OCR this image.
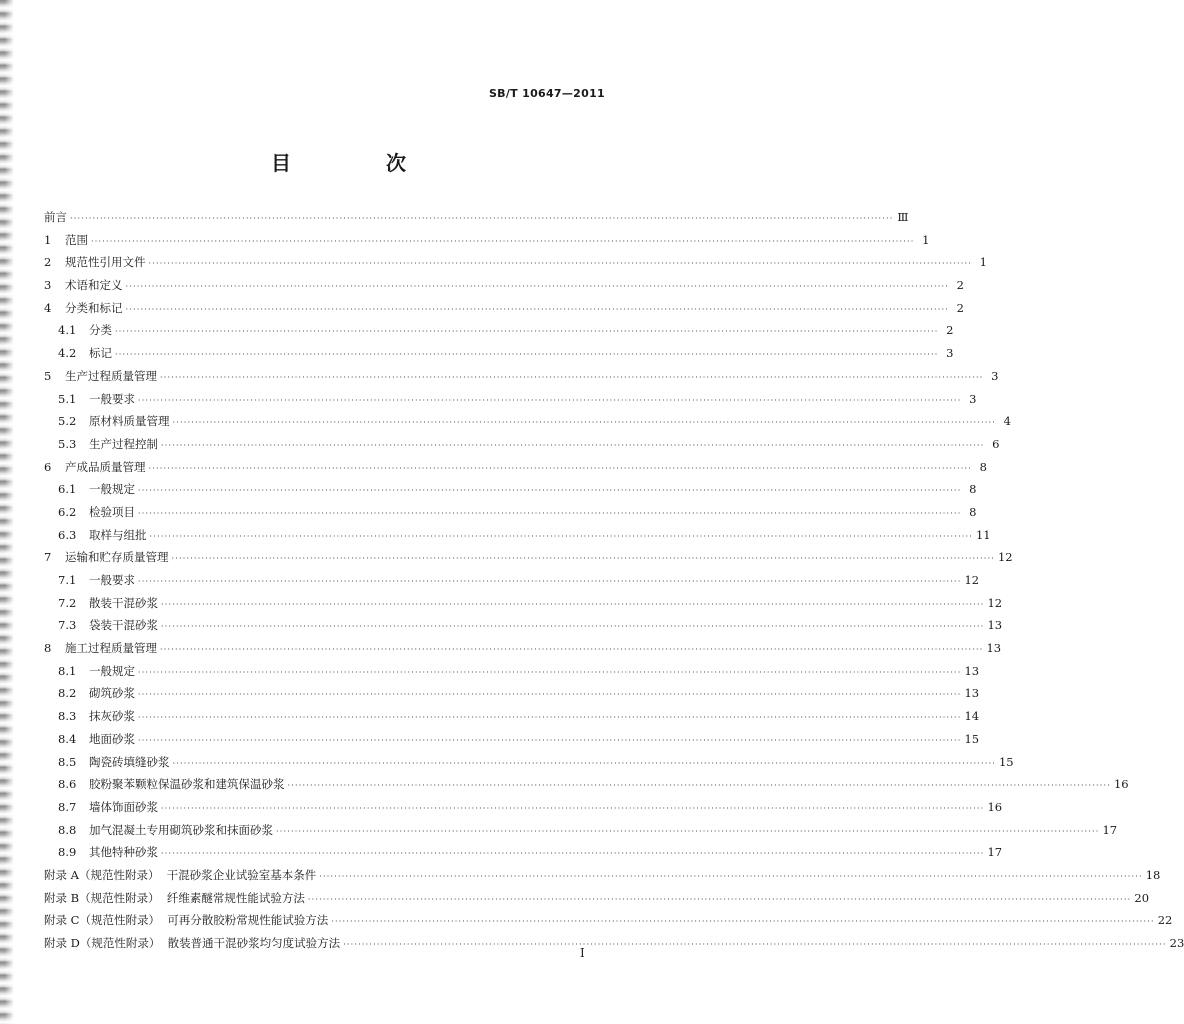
SB/T 10647—2011
目 次
前言 ···························································································································································································································· Ⅲ
1	范围 ···························································································································································································································· 1
2	规范性引用文件 ···························································································································································································································· 1
3	术语和定义 ···························································································································································································································· 2
4	分类和标记 ···························································································································································································································· 2
4.1	分类 ···························································································································································································································· 2
4.2	标记 ···························································································································································································································· 3
5	生产过程质量管理 ···························································································································································································································· 3
5.1	一般要求 ···························································································································································································································· 3
5.2	原材料质量管理 ···························································································································································································································· 4
5.3	生产过程控制 ···························································································································································································································· 6
6	产成品质量管理 ···························································································································································································································· 8
6.1	一般规定 ···························································································································································································································· 8
6.2	检验项目 ···························································································································································································································· 8
6.3	取样与组批 ···························································································································································································································· 11
7	运输和贮存质量管理 ···························································································································································································································· 12
7.1	一般要求 ···························································································································································································································· 12
7.2	散装干混砂浆 ···························································································································································································································· 12
7.3	袋装干混砂浆 ···························································································································································································································· 13
8	施工过程质量管理 ···························································································································································································································· 13
8.1	一般规定 ···························································································································································································································· 13
8.2	砌筑砂浆 ···························································································································································································································· 13
8.3	抹灰砂浆 ···························································································································································································································· 14
8.4	地面砂浆 ···························································································································································································································· 15
8.5	陶瓷砖填缝砂浆 ···························································································································································································································· 15
8.6	胶粉聚苯颗粒保温砂浆和建筑保温砂浆 ···························································································································································································································· 16
8.7	墙体饰面砂浆 ···························································································································································································································· 16
8.8	加气混凝土专用砌筑砂浆和抹面砂浆 ···························································································································································································································· 17
8.9	其他特种砂浆 ···························································································································································································································· 17
附录 A（规范性附录）  干混砂浆企业试验室基本条件 ···························································································································································································································· 18
附录 B（规范性附录）  纤维素醚常规性能试验方法 ···························································································································································································································· 20
附录 C（规范性附录）  可再分散胶粉常规性能试验方法 ···························································································································································································································· 22
附录 D（规范性附录）  散装普通干混砂浆均匀度试验方法 ···························································································································································································································· 23
I
